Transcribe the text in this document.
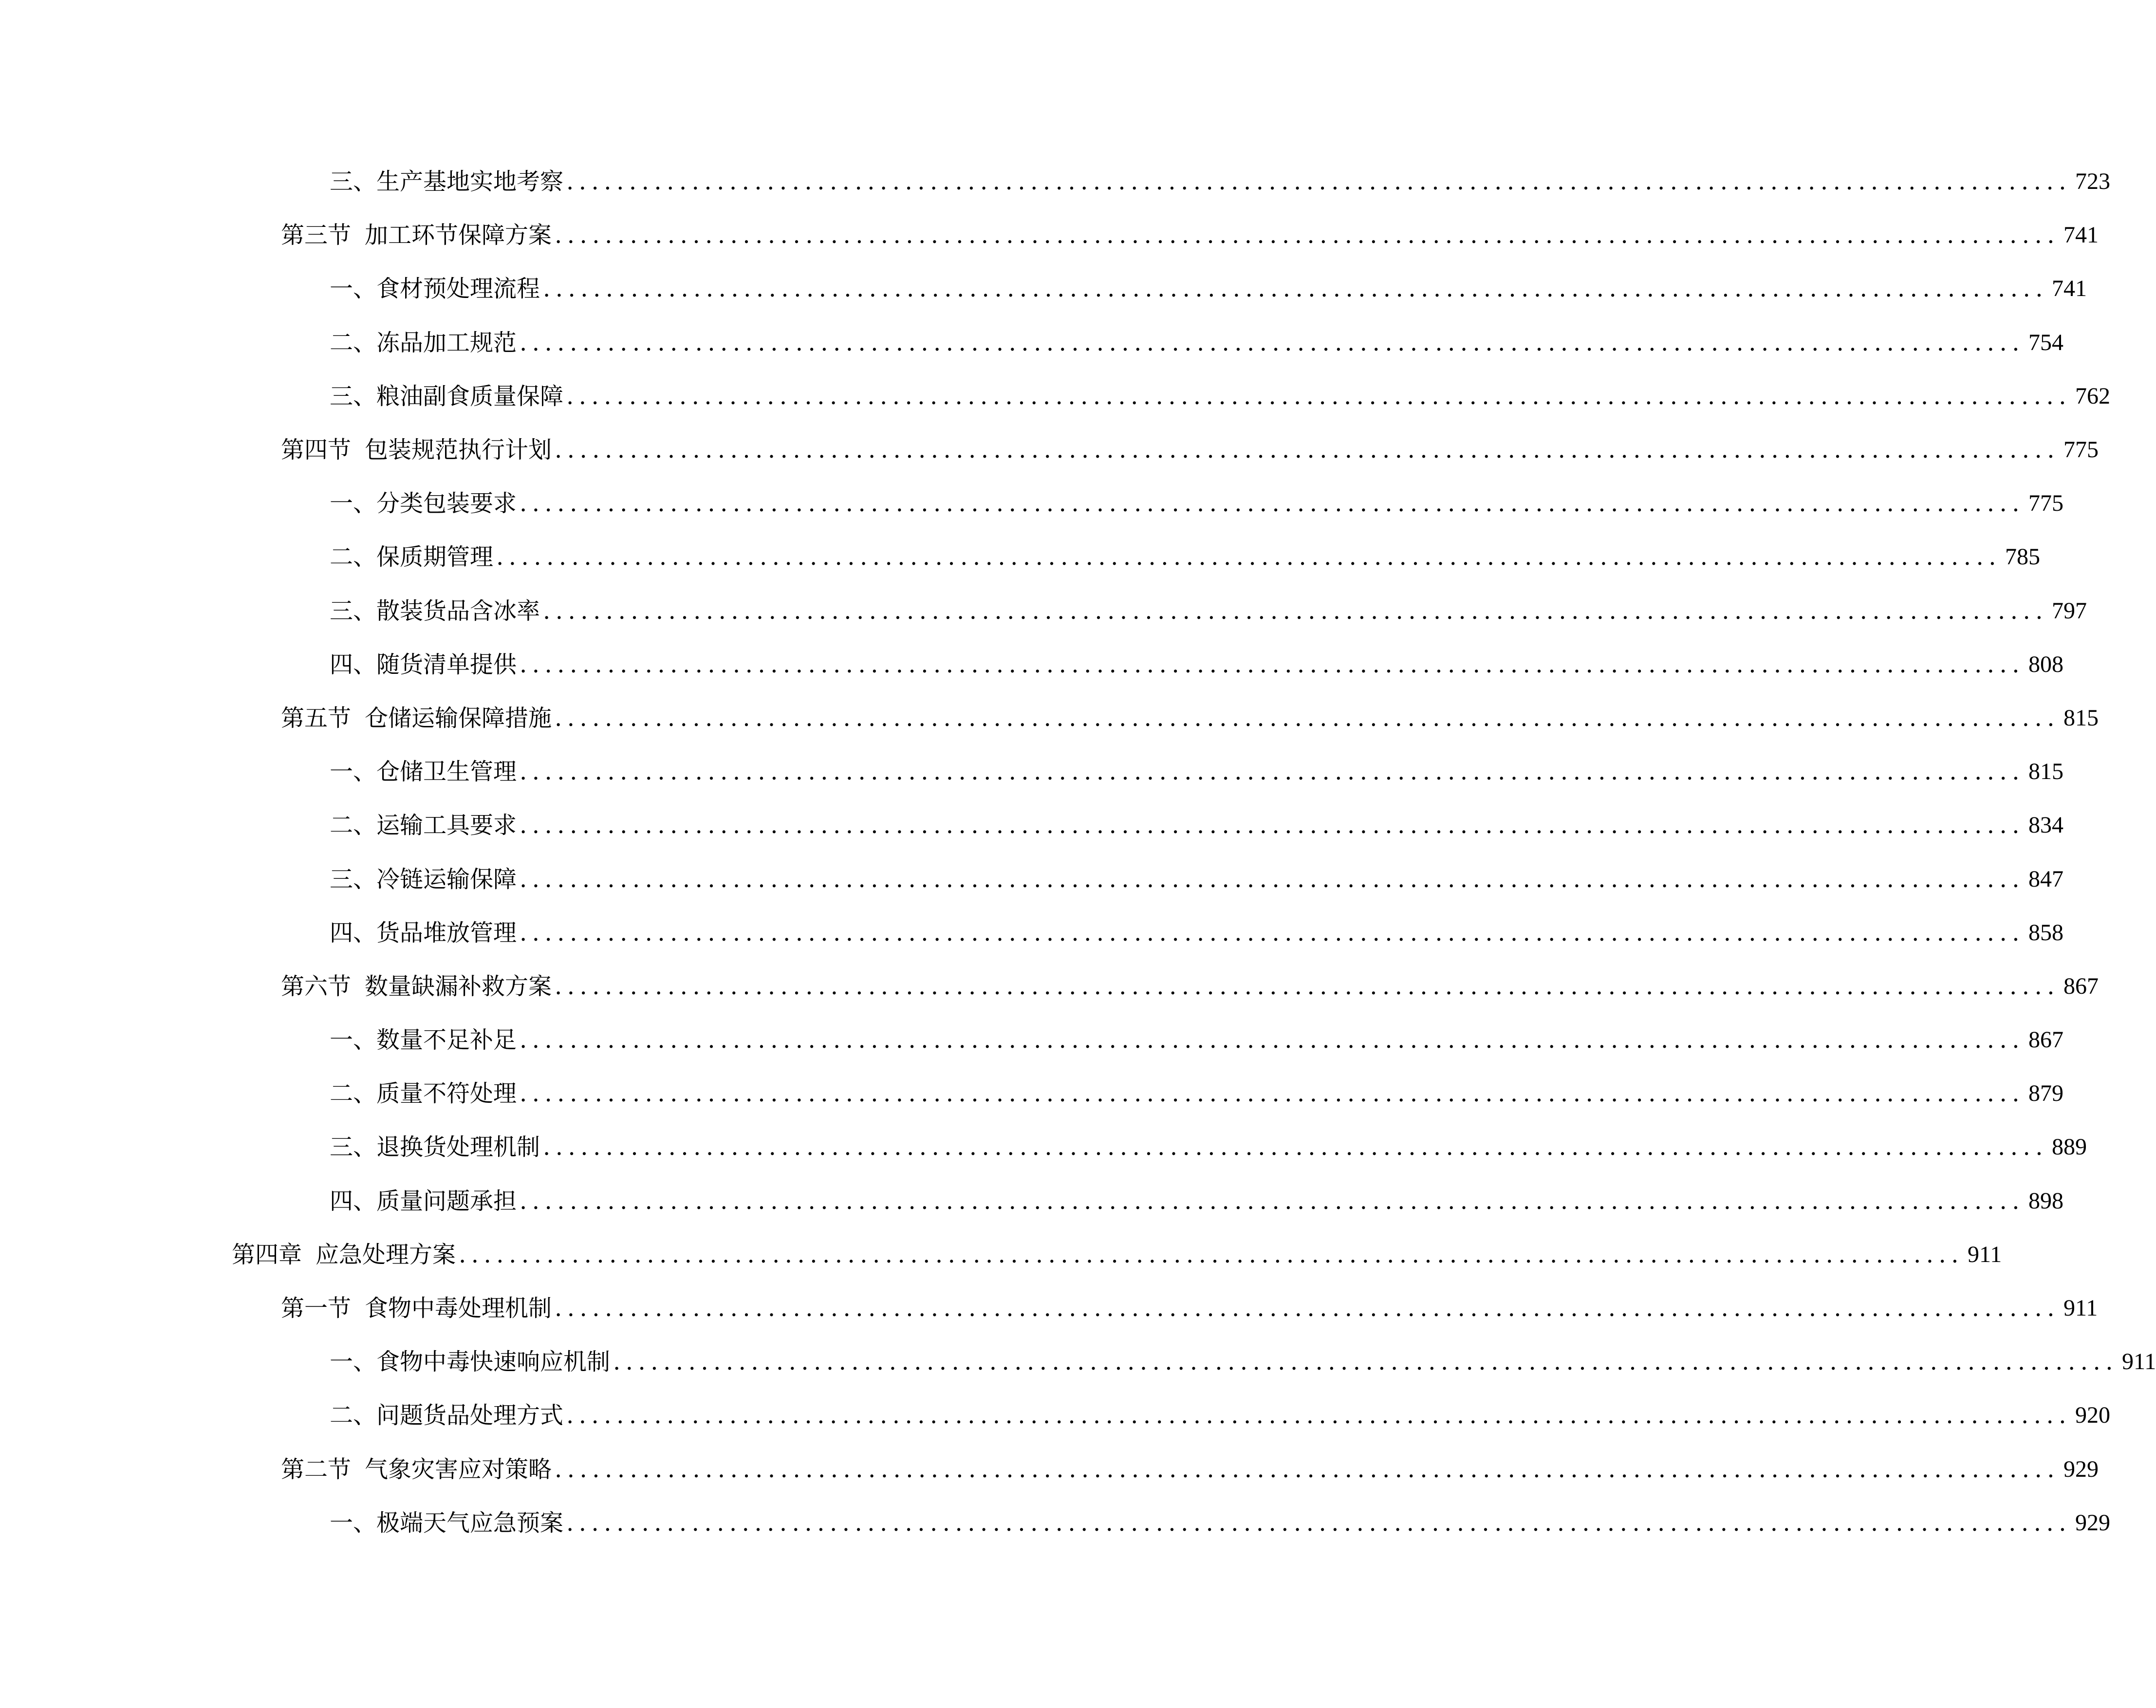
三、 生产基地实地考察 ........................................................................................................................ 723
第三节 加工环节保障方案 ........................................................................................................................ 741
一、 食材预处理流程 ........................................................................................................................ 741
二、 冻品加工规范 ........................................................................................................................ 754
三、 粮油副食质量保障 ........................................................................................................................ 762
第四节 包装规范执行计划 ........................................................................................................................ 775
一、 分类包装要求 ........................................................................................................................ 775
二、 保质期管理 ........................................................................................................................ 785
三、 散装货品含冰率 ........................................................................................................................ 797
四、 随货清单提供 ........................................................................................................................ 808
第五节 仓储运输保障措施 ........................................................................................................................ 815
一、 仓储卫生管理 ........................................................................................................................ 815
二、 运输工具要求 ........................................................................................................................ 834
三、 冷链运输保障 ........................................................................................................................ 847
四、 货品堆放管理 ........................................................................................................................ 858
第六节 数量缺漏补救方案 ........................................................................................................................ 867
一、 数量不足补足 ........................................................................................................................ 867
二、 质量不符处理 ........................................................................................................................ 879
三、 退换货处理机制 ........................................................................................................................ 889
四、 质量问题承担 ........................................................................................................................ 898
第四章 应急处理方案 ........................................................................................................................ 911
第一节 食物中毒处理机制 ........................................................................................................................ 911
一、 食物中毒快速响应机制 ........................................................................................................................ 911
二、 问题货品处理方式 ........................................................................................................................ 920
第二节 气象灾害应对策略 ........................................................................................................................ 929
一、 极端天气应急预案 ........................................................................................................................ 929
